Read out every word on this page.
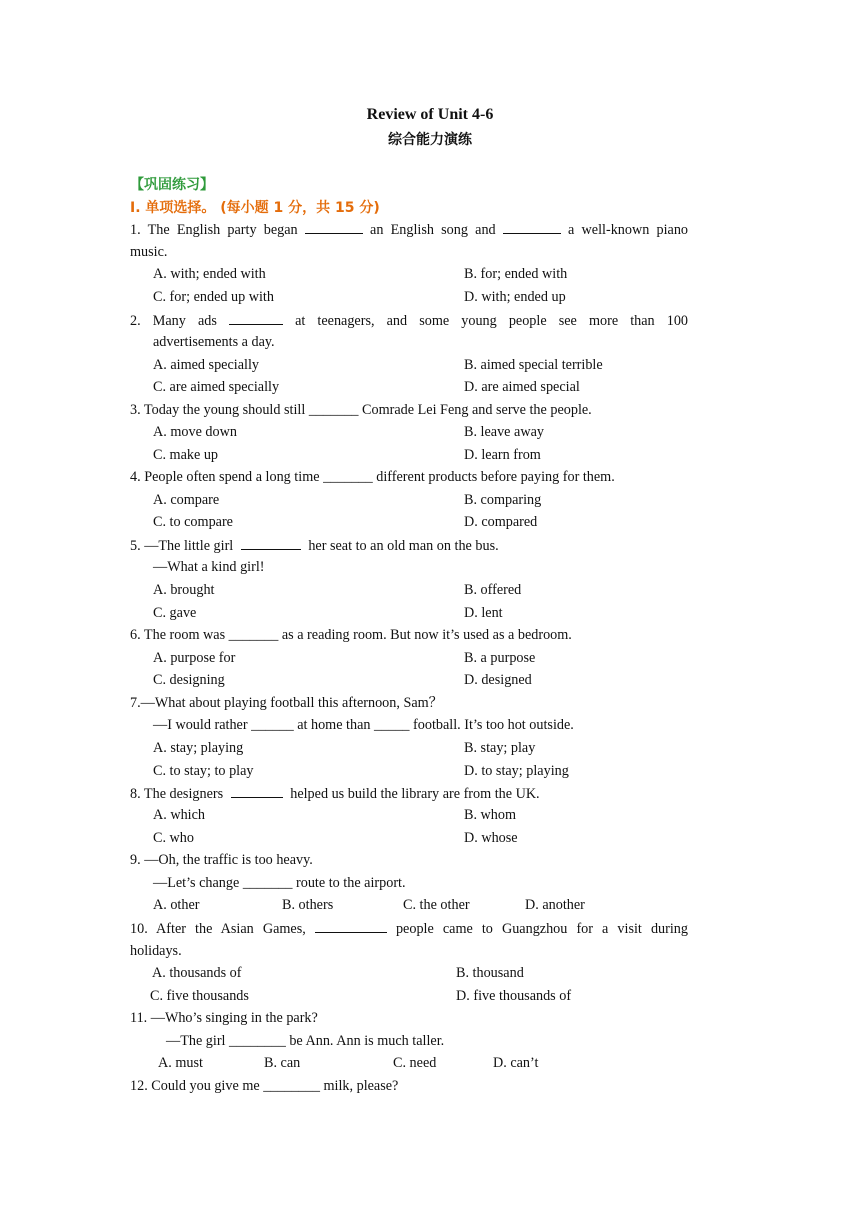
Review of Unit 4-6
综合能力演练
【巩固练习】
I. 单项选择。 (每小题 1 分，共 15 分)
1. The English party began	an English song and	a well-known piano
music.
A. with; ended with	B. for; ended with
C. for; ended up with	D. with; ended up
2. Many ads	at teenagers, and some young people see more than 100
advertisements a day.
A. aimed specially	B. aimed special terrible
C. are aimed specially	D. are aimed special
3. Today the young should still _______ Comrade Lei Feng and serve the people.
A. move down	B. leave away
C. make up	D. learn from
4. People often spend a long time _______ different products before paying for them.
A. compare	B. comparing
C. to compare	D. compared
5. —The little girl	her seat to an old man on the bus.
—What a kind girl!
A. brought	B. offered
C. gave	D. lent
6. The room was _______ as a reading room. But now it’s used as a bedroom.
A. purpose for	B. a purpose
C. designing	D. designed
7.—What about playing football this afternoon, Sam？
—I would rather ______ at home than _____ football. It’s too hot outside.
A. stay; playing	B. stay; play
C. to stay; to play	D. to stay; playing
8. The designers	helped us build the library are from the UK.
A. which	B. whom
C. who	D. whose
9. —Oh, the traffic is too heavy.
—Let’s change _______ route to the airport.
A. other	B. others	C. the other	D. another
10. After the Asian Games,	people came to Guangzhou for a visit during
holidays.
A. thousands of	B. thousand
C. five thousands	D. five thousands of
11. —Who’s singing in the park?
—The girl ________ be Ann. Ann is much taller.
A. must	B. can	C. need	D. can’t
12. Could you give me ________ milk, please?
